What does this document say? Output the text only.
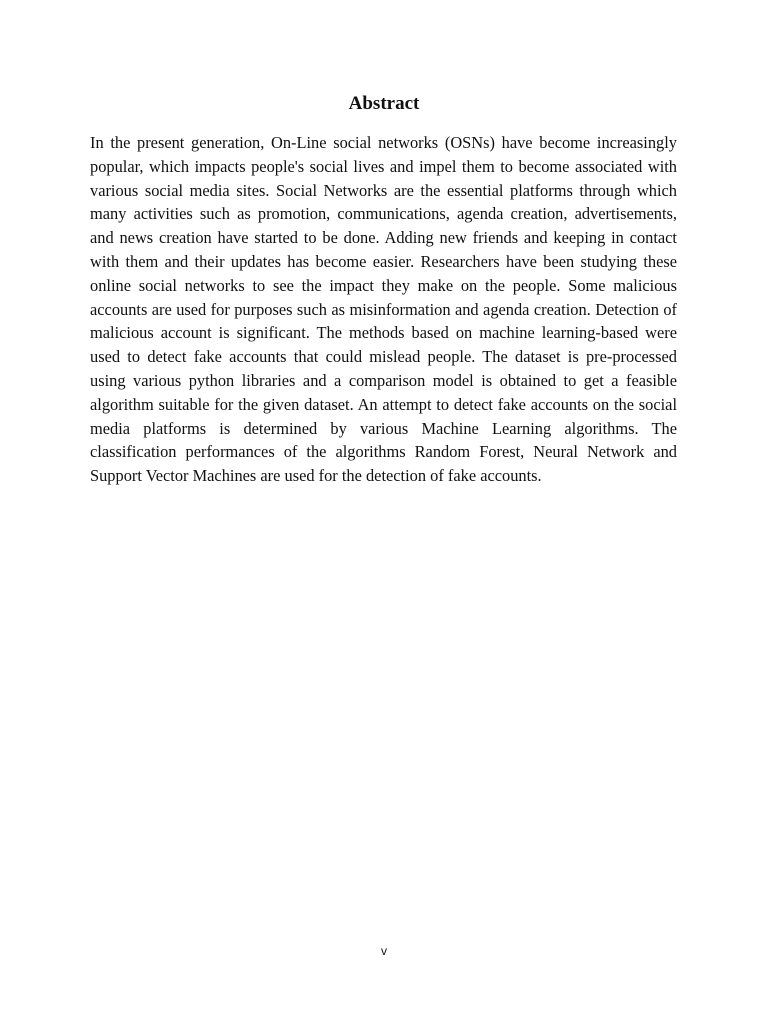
Abstract

In the present generation, On-Line social networks (OSNs) have become increasingly popular, which impacts people's social lives and impel them to become associated with various social media sites. Social Networks are the essential platforms through which many activities such as promotion, communications, agenda creation, advertisements, and news creation have started to be done. Adding new friends and keeping in contact with them and their updates has become easier. Researchers have been studying these online social networks to see the impact they make on the people. Some malicious accounts are used for purposes such as misinformation and agenda creation. Detection of malicious account is significant. The methods based on machine learning-based were used to detect fake accounts that could mislead people. The dataset is pre-processed using various python libraries and a comparison model is obtained to get a feasible algorithm suitable for the given dataset. An attempt to detect fake accounts on the social media platforms is determined by various Machine Learning algorithms. The classification performances of the algorithms Random Forest, Neural Network and Support Vector Machines are used for the detection of fake accounts.

v
